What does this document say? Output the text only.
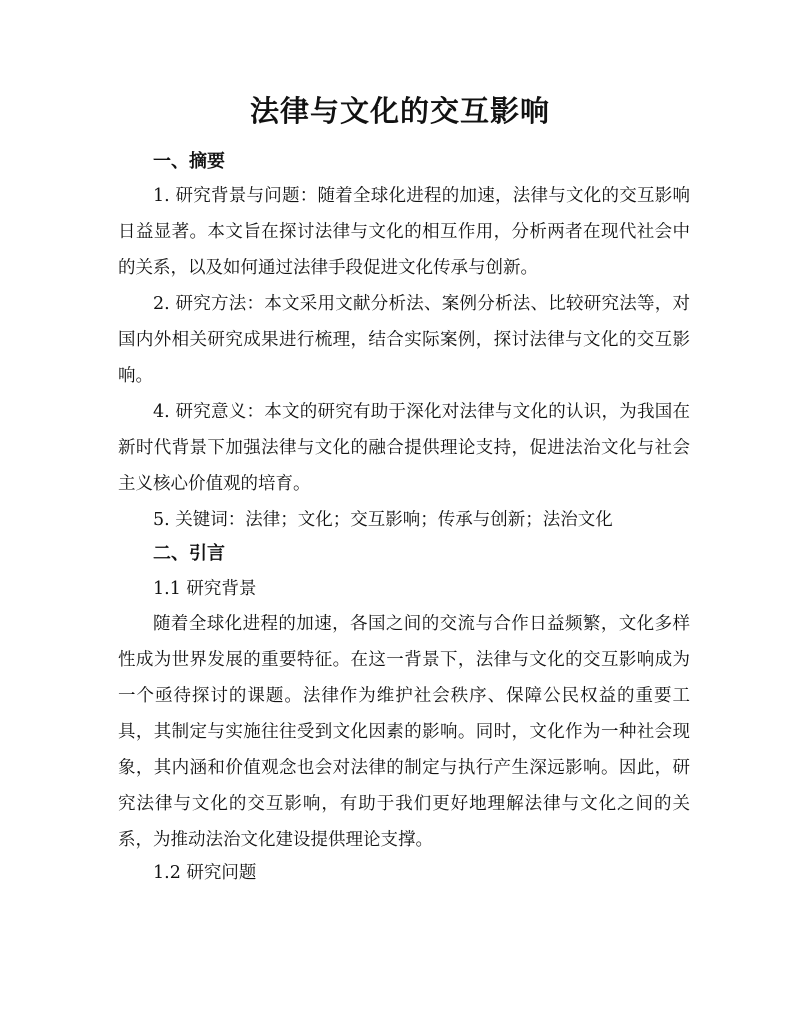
法律与文化的交互影响
一、摘要
1. 研究背景与问题：随着全球化进程的加速，法律与文化的交互影响日益显著。本文旨在探讨法律与文化的相互作用，分析两者在现代社会中的关系，以及如何通过法律手段促进文化传承与创新。
2. 研究方法：本文采用文献分析法、案例分析法、比较研究法等，对国内外相关研究成果进行梳理，结合实际案例，探讨法律与文化的交互影响。
4. 研究意义：本文的研究有助于深化对法律与文化的认识，为我国在新时代背景下加强法律与文化的融合提供理论支持，促进法治文化与社会主义核心价值观的培育。
5. 关键词：法律；文化；交互影响；传承与创新；法治文化
二、引言
1.1 研究背景
随着全球化进程的加速，各国之间的交流与合作日益频繁，文化多样性成为世界发展的重要特征。在这一背景下，法律与文化的交互影响成为一个亟待探讨的课题。法律作为维护社会秩序、保障公民权益的重要工具，其制定与实施往往受到文化因素的影响。同时，文化作为一种社会现象，其内涵和价值观念也会对法律的制定与执行产生深远影响。因此，研究法律与文化的交互影响，有助于我们更好地理解法律与文化之间的关系，为推动法治文化建设提供理论支撑。
1.2 研究问题
